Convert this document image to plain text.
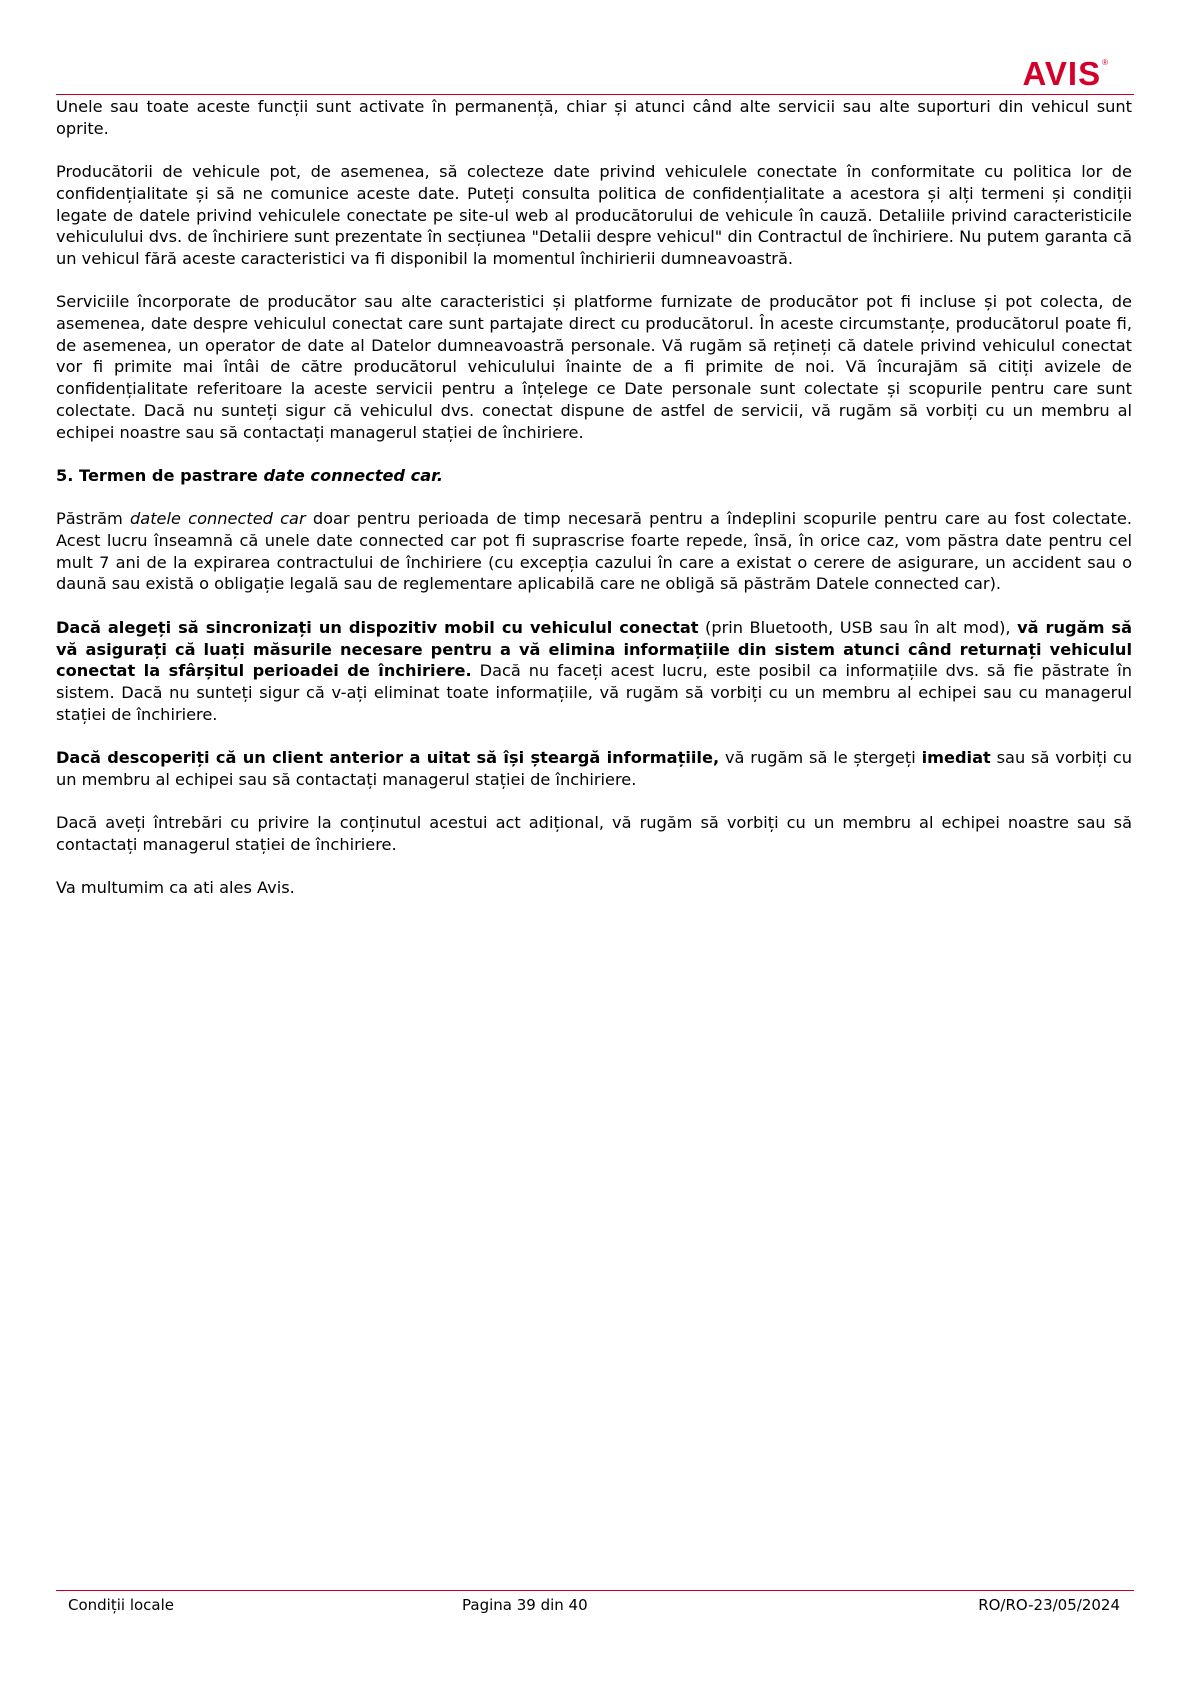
AVIS®

Unele sau toate aceste funcții sunt activate în permanență, chiar și atunci când alte servicii sau alte suporturi din vehicul sunt oprite.

Producătorii de vehicule pot, de asemenea, să colecteze date privind vehiculele conectate în conformitate cu politica lor de confidențialitate și să ne comunice aceste date. Puteți consulta politica de confidențialitate a acestora și alți termeni și condiții legate de datele privind vehiculele conectate pe site-ul web al producătorului de vehicule în cauză. Detaliile privind caracteristicile vehiculului dvs. de închiriere sunt prezentate în secțiunea "Detalii despre vehicul" din Contractul de închiriere. Nu putem garanta că un vehicul fără aceste caracteristici va fi disponibil la momentul închirierii dumneavoastră.

Serviciile încorporate de producător sau alte caracteristici și platforme furnizate de producător pot fi incluse și pot colecta, de asemenea, date despre vehiculul conectat care sunt partajate direct cu producătorul. În aceste circumstanțe, producătorul poate fi, de asemenea, un operator de date al Datelor dumneavoastră personale. Vă rugăm să rețineți că datele privind vehiculul conectat vor fi primite mai întâi de către producătorul vehiculului înainte de a fi primite de noi. Vă încurajăm să citiți avizele de confidențialitate referitoare la aceste servicii pentru a înțelege ce Date personale sunt colectate și scopurile pentru care sunt colectate. Dacă nu sunteți sigur că vehiculul dvs. conectat dispune de astfel de servicii, vă rugăm să vorbiți cu un membru al echipei noastre sau să contactați managerul stației de închiriere.

5. Termen de pastrare date connected car.

Păstrăm datele connected car doar pentru perioada de timp necesară pentru a îndeplini scopurile pentru care au fost colectate. Acest lucru înseamnă că unele date connected car pot fi suprascrise foarte repede, însă, în orice caz, vom păstra date pentru cel mult 7 ani de la expirarea contractului de închiriere (cu excepția cazului în care a existat o cerere de asigurare, un accident sau o daună sau există o obligație legală sau de reglementare aplicabilă care ne obligă să păstrăm Datele connected car).

Dacă alegeți să sincronizați un dispozitiv mobil cu vehiculul conectat (prin Bluetooth, USB sau în alt mod), vă rugăm să vă asigurați că luați măsurile necesare pentru a vă elimina informațiile din sistem atunci când returnați vehiculul conectat la sfârșitul perioadei de închiriere. Dacă nu faceți acest lucru, este posibil ca informațiile dvs. să fie păstrate în sistem. Dacă nu sunteți sigur că v-ați eliminat toate informațiile, vă rugăm să vorbiți cu un membru al echipei sau cu managerul stației de închiriere.

Dacă descoperiți că un client anterior a uitat să își șteargă informațiile, vă rugăm să le ștergeți imediat sau să vorbiți cu un membru al echipei sau să contactați managerul stației de închiriere.

Dacă aveți întrebări cu privire la conținutul acestui act adițional, vă rugăm să vorbiți cu un membru al echipei noastre sau să contactați managerul stației de închiriere.

Va multumim ca ati ales Avis.

Condiții locale	Pagina 39 din 40	RO/RO-23/05/2024
